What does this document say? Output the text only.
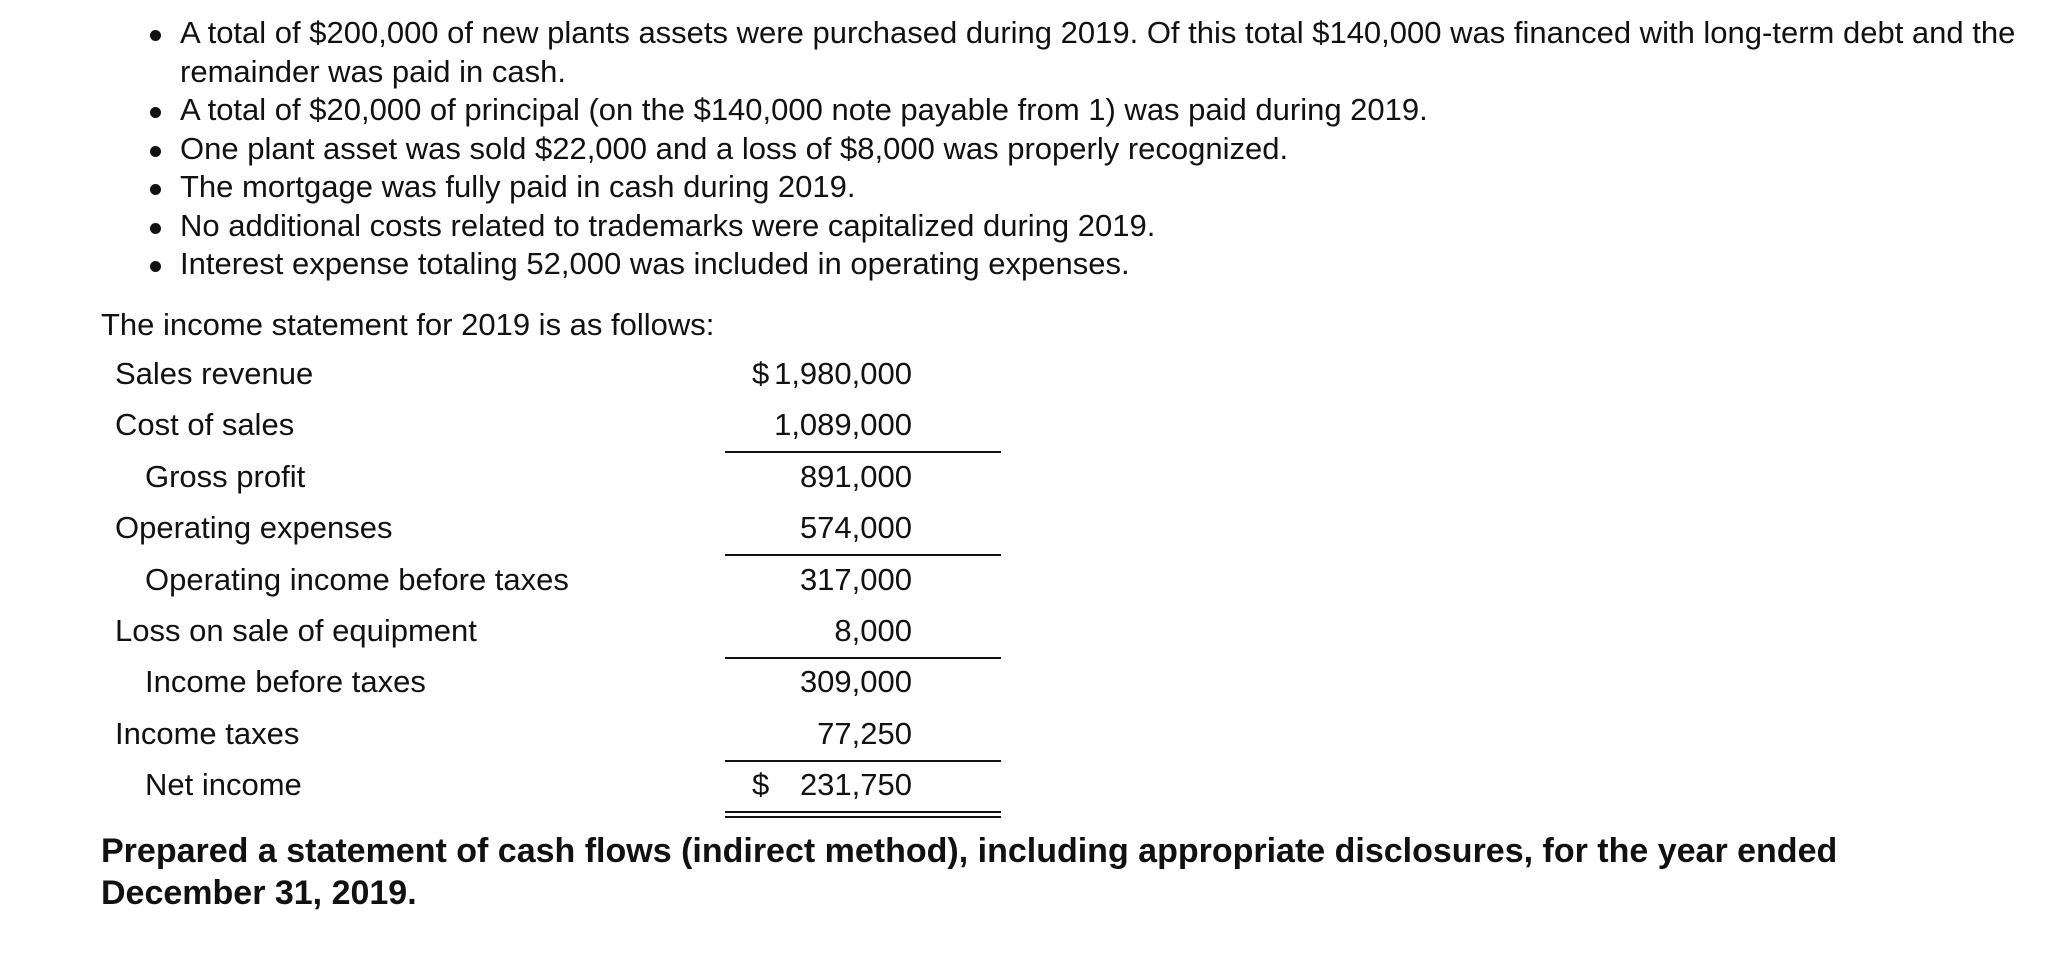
A total of $200,000 of new plants assets were purchased during 2019. Of this total $140,000 was financed with long-term debt and the remainder was paid in cash.
A total of $20,000 of principal (on the $140,000 note payable from 1) was paid during 2019.
One plant asset was sold $22,000 and a loss of $8,000 was properly recognized.
The mortgage was fully paid in cash during 2019.
No additional costs related to trademarks were capitalized during 2019.
Interest expense totaling 52,000 was included in operating expenses.
The income statement for 2019 is as follows:
Sales revenue	$ 1,980,000
Cost of sales	1,089,000
Gross profit	891,000
Operating expenses	574,000
Operating income before taxes	317,000
Loss on sale of equipment	8,000
Income before taxes	309,000
Income taxes	77,250
Net income	$ 231,750
Prepared a statement of cash flows (indirect method), including appropriate disclosures, for the year ended December 31, 2019.
